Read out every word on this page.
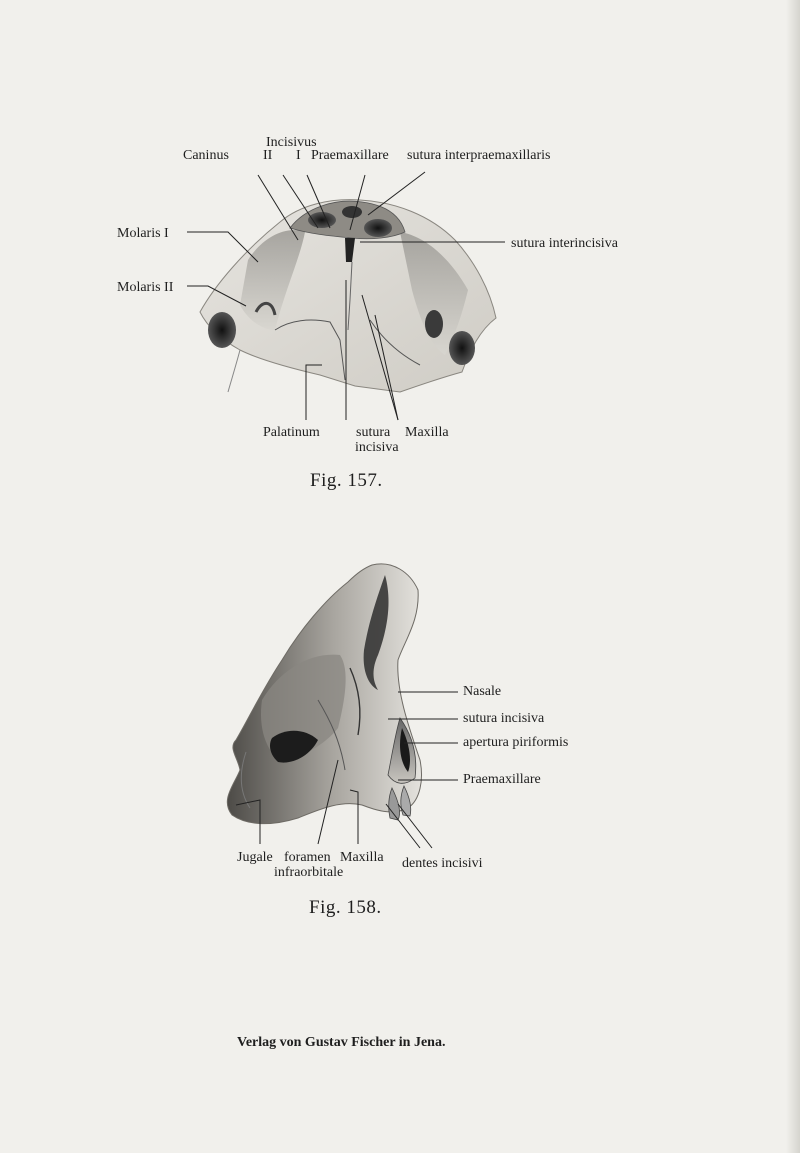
Incisivus
Caninus II I Praemaxillare sutura interpraemaxillaris
Molaris I
Molaris II
sutura interincisiva
Palatinum	sutura
incisiva
Maxilla
Fig. 157.
Nasale
sutura incisiva
apertura piriformis
Praemaxillare
Jugale foramen
infraorbitale
Maxilla dentes incisivi
Fig. 158.
Verlag von Gustav Fischer in Jena.
